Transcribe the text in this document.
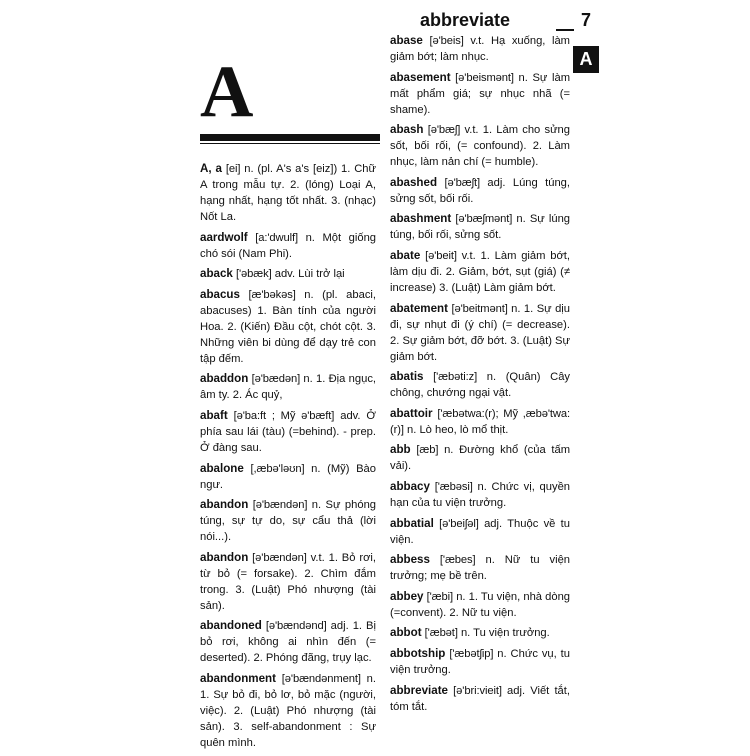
abbreviate	7
A
A
A, a [ei] n. (pl. A's a's [eiz]) 1. Chữ A trong mẫu tự. 2. (lóng) Loại A, hạng nhất, hạng tốt nhất. 3. (nhạc) Nốt La.
aardwolf [a:'dwulf] n. Một giống chó sói (Nam Phi).
aback ['əbæk] adv. Lùi trở lại
abacus [æ'bəkəs] n. (pl. abaci, abacuses) 1. Bàn tính của người Hoa. 2. (Kiến) Đầu cột, chót cột. 3. Những viên bi dùng để dạy trẻ con tập đếm.
abaddon [ə'bædən] n. 1. Địa ngục, âm ty. 2. Ác quỷ,
abaft [ə'ba:ft ; Mỹ ə'bæft] adv. Ở phía sau lái (tàu) (=behind). - prep. Ở đàng sau.
abalone [,æbə'ləʊn] n. (Mỹ) Bào ngư.
abandon [ə'bændən] n. Sự phóng túng, sự tự do, sự cẩu thả (lời nói...).
abandon [ə'bændən] v.t. 1. Bỏ rơi, từ bỏ (= forsake). 2. Chìm đắm trong. 3. (Luật) Phó nhượng (tài sản).
abandoned [ə'bændənd] adj. 1. Bị bỏ rơi, không ai nhìn đến (= deserted). 2. Phóng đãng, trụy lạc.
abandonment [ə'bændənment] n. 1. Sự bỏ đi, bỏ lơ, bỏ mặc (người, việc). 2. (Luật) Phó nhượng (tài sản). 3. self-abandonment : Sự quên mình.
abase [ə'beis] v.t. Hạ xuống, làm giảm bớt; làm nhục.
abasement [ə'beismənt] n. Sự làm mất phẩm giá; sự nhục nhã (= shame).
abash [ə'bæʃ] v.t. 1. Làm cho sửng sốt, bối rối, (= confound). 2. Làm nhục, làm nản chí (= humble).
abashed [ə'bæʃt] adj. Lúng túng, sửng sốt, bối rối.
abashment [ə'bæʃmənt] n. Sự lúng túng, bối rối, sửng sốt.
abate [ə'beit] v.t. 1. Làm giảm bớt, làm dịu đi. 2. Giảm, bớt, sụt (giá) (≠ increase) 3. (Luật) Làm giảm bớt.
abatement [ə'beitmənt] n. 1. Sự dịu đi, sự nhụt đi (ý chí) (= decrease). 2. Sự giảm bớt, đỡ bớt. 3. (Luật) Sự giảm bớt.
abatis ['æbəti:z] n. (Quân) Cây chông, chướng ngại vật.
abattoir ['æbətwa:(r); Mỹ ,æbə'twa:(r)] n. Lò heo, lò mổ thịt.
abb [æb] n. Đường khổ (của tấm vải).
abbacy ['æbəsi] n. Chức vị, quyền hạn của tu viện trưởng.
abbatial [ə'beiʃəl] adj. Thuộc về tu viện.
abbess ['æbes] n. Nữ tu viện trưởng; mẹ bề trên.
abbey ['æbi] n. 1. Tu viện, nhà dòng (=convent). 2. Nữ tu viện.
abbot ['æbət] n. Tu viện trưởng.
abbotship ['æbətʃip] n. Chức vụ, tu viện trưởng.
abbreviate [ə'bri:vieit] adj. Viết tắt, tóm tắt.
